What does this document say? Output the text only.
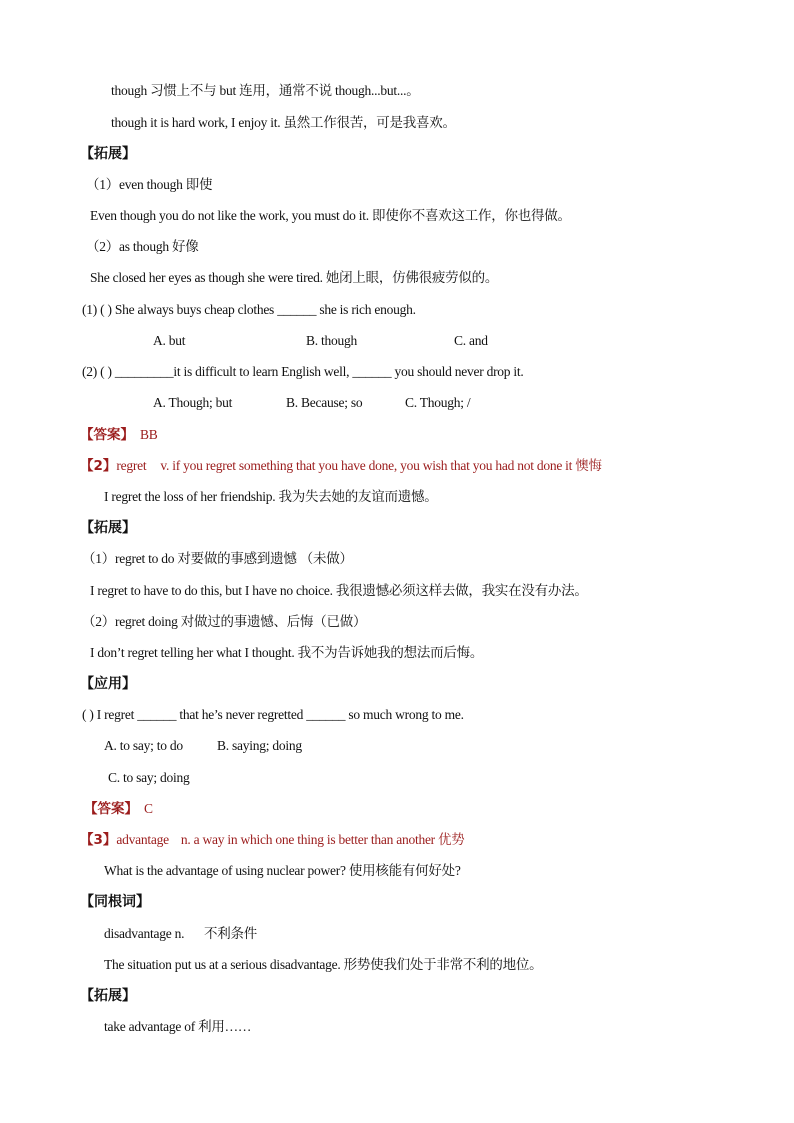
though 习惯上不与 but 连用，通常不说 though...but...。
though it is hard work, I enjoy it. 虽然工作很苦，可是我喜欢。
【拓展】
（1）even though 即使
Even though you do not like the work, you must do it. 即使你不喜欢这工作，你也得做。
（2）as though 好像
She closed her eyes as though she were tired. 她闭上眼，仿佛很疲劳似的。
(1) ( ) She always buys cheap clothes ______ she is rich enough.
A. but	B. though	C. and
(2) ( ) _________it is difficult to learn English well, ______ you should never drop it.
A. Though; but	B. Because; so	C. Though; /
【答案】 BB
【2】regret v. if you regret something that you have done, you wish that you had not done it 懊悔
I regret the loss of her friendship. 我为失去她的友谊而遗憾。
【拓展】
（1）regret to do 对要做的事感到遗憾 （未做）
I regret to have to do this, but I have no choice. 我很遗憾必须这样去做，我实在没有办法。
（2）regret doing 对做过的事遗憾、后悔（已做）
I don’t regret telling her what I thought. 我不为告诉她我的想法而后悔。
【应用】
( ) I regret ______ that he’s never regretted ______ so much wrong to me.
A. to say; to do	B. saying; doing
C. to say; doing
【答案】 C
【3】advantage n. a way in which one thing is better than another 优势
What is the advantage of using nuclear power? 使用核能有何好处?
【同根词】
disadvantage n. 不利条件
The situation put us at a serious disadvantage. 形势使我们处于非常不利的地位。
【拓展】
take advantage of 利用……
